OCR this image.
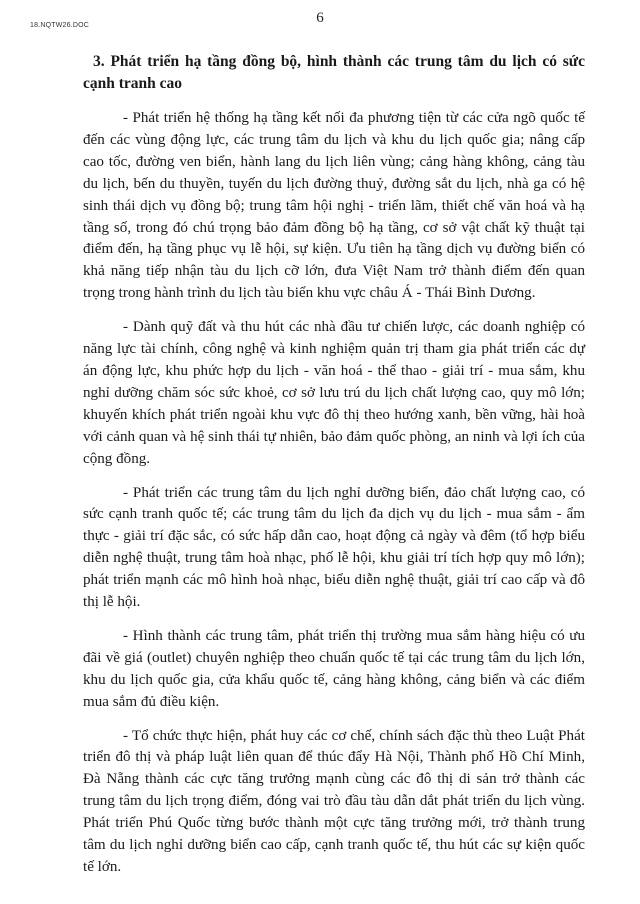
18.NQTW26.DOC	6
3. Phát triển hạ tầng đồng bộ, hình thành các trung tâm du lịch có sức cạnh tranh cao

- Phát triển hệ thống hạ tầng kết nối đa phương tiện từ các cửa ngõ quốc tế đến các vùng động lực, các trung tâm du lịch và khu du lịch quốc gia; nâng cấp cao tốc, đường ven biển, hành lang du lịch liên vùng; cảng hàng không, cảng tàu du lịch, bến du thuyền, tuyến du lịch đường thuỷ, đường sắt du lịch, nhà ga có hệ sinh thái dịch vụ đồng bộ; trung tâm hội nghị - triển lãm, thiết chế văn hoá và hạ tầng số, trong đó chú trọng bảo đảm đồng bộ hạ tầng, cơ sở vật chất kỹ thuật tại điểm đến, hạ tầng phục vụ lễ hội, sự kiện. Ưu tiên hạ tầng dịch vụ đường biển có khả năng tiếp nhận tàu du lịch cỡ lớn, đưa Việt Nam trở thành điểm đến quan trọng trong hành trình du lịch tàu biển khu vực châu Á - Thái Bình Dương.

- Dành quỹ đất và thu hút các nhà đầu tư chiến lược, các doanh nghiệp có năng lực tài chính, công nghệ và kinh nghiệm quản trị tham gia phát triển các dự án động lực, khu phức hợp du lịch - văn hoá - thể thao - giải trí - mua sắm, khu nghỉ dưỡng chăm sóc sức khoẻ, cơ sở lưu trú du lịch chất lượng cao, quy mô lớn; khuyến khích phát triển ngoài khu vực đô thị theo hướng xanh, bền vững, hài hoà với cảnh quan và hệ sinh thái tự nhiên, bảo đảm quốc phòng, an ninh và lợi ích của cộng đồng.

- Phát triển các trung tâm du lịch nghỉ dưỡng biển, đảo chất lượng cao, có sức cạnh tranh quốc tế; các trung tâm du lịch đa dịch vụ du lịch - mua sắm - ẩm thực - giải trí đặc sắc, có sức hấp dẫn cao, hoạt động cả ngày và đêm (tổ hợp biểu diễn nghệ thuật, trung tâm hoà nhạc, phố lễ hội, khu giải trí tích hợp quy mô lớn); phát triển mạnh các mô hình hoà nhạc, biểu diễn nghệ thuật, giải trí cao cấp và đô thị lễ hội.

- Hình thành các trung tâm, phát triển thị trường mua sắm hàng hiệu có ưu đãi về giá (outlet) chuyên nghiệp theo chuẩn quốc tế tại các trung tâm du lịch lớn, khu du lịch quốc gia, cửa khẩu quốc tế, cảng hàng không, cảng biển và các điểm mua sắm đủ điều kiện.

- Tổ chức thực hiện, phát huy các cơ chế, chính sách đặc thù theo Luật Phát triển đô thị và pháp luật liên quan để thúc đẩy Hà Nội, Thành phố Hồ Chí Minh, Đà Nẵng thành các cực tăng trưởng mạnh cùng các đô thị di sản trở thành các trung tâm du lịch trọng điểm, đóng vai trò đầu tàu dẫn dắt phát triển du lịch vùng. Phát triển Phú Quốc từng bước thành một cực tăng trưởng mới, trở thành trung tâm du lịch nghỉ dưỡng biển cao cấp, cạnh tranh quốc tế, thu hút các sự kiện quốc tế lớn.
